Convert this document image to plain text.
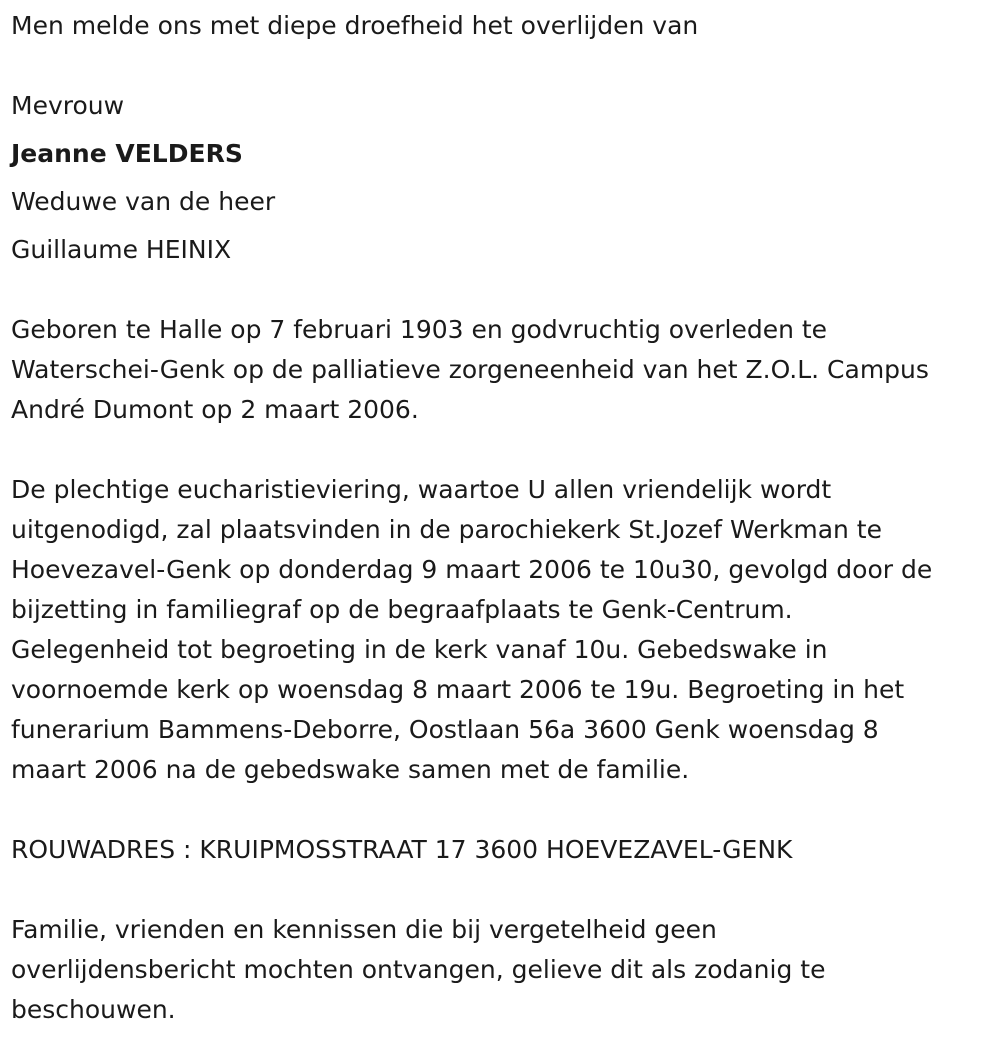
Men melde ons met diepe droefheid het overlijden van

Mevrouw

Jeanne VELDERS

Weduwe van de heer

Guillaume HEINIX

Geboren te Halle op 7 februari 1903 en godvruchtig overleden te

Waterschei-Genk op de palliatieve zorgeneenheid van het Z.O.L. Campus

André Dumont op 2 maart 2006.

De plechtige eucharistieviering, waartoe U allen vriendelijk wordt

uitgenodigd, zal plaatsvinden in de parochiekerk St.Jozef Werkman te

Hoevezavel-Genk op donderdag 9 maart 2006 te 10u30, gevolgd door de

bijzetting in familiegraf op de begraafplaats te Genk-Centrum.

Gelegenheid tot begroeting in de kerk vanaf 10u. Gebedswake in

voornoemde kerk op woensdag 8 maart 2006 te 19u. Begroeting in het

funerarium Bammens-Deborre, Oostlaan 56a 3600 Genk woensdag 8

maart 2006 na de gebedswake samen met de familie.

ROUWADRES : KRUIPMOSSTRAAT 17 3600 HOEVEZAVEL-GENK

Familie, vrienden en kennissen die bij vergetelheid geen

overlijdensbericht mochten ontvangen, gelieve dit als zodanig te

beschouwen.
